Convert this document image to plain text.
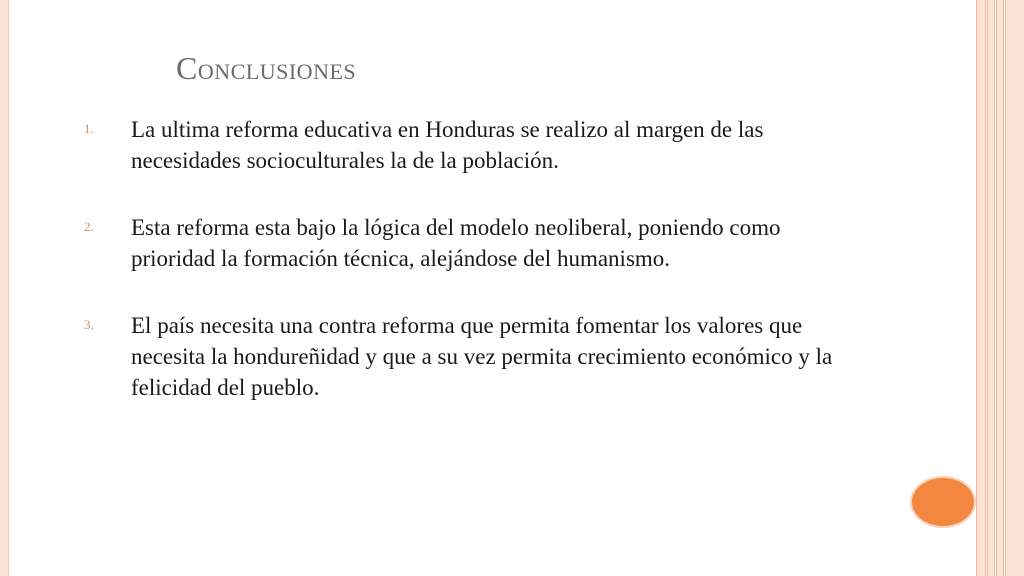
Conclusiones
1. La ultima reforma educativa en Honduras se realizo al margen de las necesidades socioculturales la de la población.
2. Esta reforma esta bajo la lógica del modelo neoliberal, poniendo como prioridad la formación técnica, alejándose del humanismo.
3. El país necesita una contra reforma que permita fomentar los valores que necesita la hondureñidad y que a su vez permita crecimiento económico y la felicidad del pueblo.
